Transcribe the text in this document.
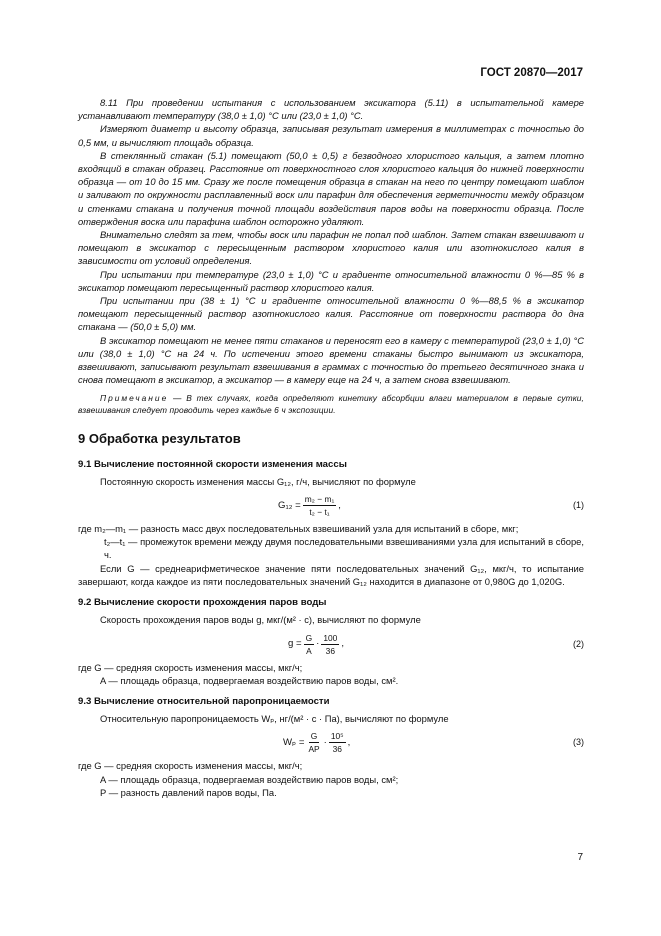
ГОСТ 20870—2017

8.11 При проведении испытания с использованием эксикатора (5.11) в испытательной камере устанавливают температуру (38,0 ± 1,0) °С или (23,0 ± 1,0) °С.

Измеряют диаметр и высоту образца, записывая результат измерения в миллиметрах с точностью до 0,5 мм, и вычисляют площадь образца.

В стеклянный стакан (5.1) помещают (50,0 ± 0,5) г безводного хлористого кальция, а затем плотно входящий в стакан образец. Расстояние от поверхностного слоя хлористого кальция до нижней поверхности образца — от 10 до 15 мм. Сразу же после помещения образца в стакан на него по центру помещают шаблон и заливают по окружности расплавленный воск или парафин для обеспечения герметичности между образцом и стенками стакана и получения точной площади воздействия паров воды на поверхности образца. После отверждения воска или парафина шаблон осторожно удаляют.

Внимательно следят за тем, чтобы воск или парафин не попал под шаблон. Затем стакан взвешивают и помещают в эксикатор с пересыщенным раствором хлористого калия или азотнокислого калия в зависимости от условий определения.

При испытании при температуре (23,0 ± 1,0) °С и градиенте относительной влажности 0 %—85 % в эксикатор помещают пересыщенный раствор хлористого калия.

При испытании при (38 ± 1) °С и градиенте относительной влажности 0 %—88,5 % в эксикатор помещают пересыщенный раствор азотнокислого калия. Расстояние от поверхности раствора до дна стакана — (50,0 ± 5,0) мм.

В эксикатор помещают не менее пяти стаканов и переносят его в камеру с температурой (23,0 ± 1,0) °С или (38,0 ± 1,0) °С на 24 ч. По истечении этого времени стаканы быстро вынимают из эксикатора, взвешивают, записывают результат взвешивания в граммах с точностью до третьего десятичного знака и снова помещают в эксикатор, а эксикатор — в камеру еще на 24 ч, а затем снова взвешивают.

Примечание — В тех случаях, когда определяют кинетику абсорбции влаги материалом в первые сутки, взвешивания следует проводить через каждые 6 ч экспозиции.

9 Обработка результатов
9.1 Вычисление постоянной скорости изменения массы

Постоянную скорость изменения массы G₁₂, г/ч, вычисляют по формуле

$G_{12} = \frac{\text{m₂ − m₁}}{\text{t₂ − t₁}}$ ,	(1)

где m₂—m₁ — разность масс двух последовательных взвешиваний узла для испытаний в сборе, мкг;

t₂—t₁ — промежуток времени между двумя последовательными взвешиваниями узла для испытаний в сборе, ч.

Если G — среднеарифметическое значение пяти последовательных значений G₁₂, мкг/ч, то испытание завершают, когда каждое из пяти последовательных значений G₁₂ находится в диапазоне от 0,980G до 1,020G.

9.2 Вычисление скорости прохождения паров воды

Скорость прохождения паров воды g, мкг/(м² · с), вычисляют по формуле

$g = \frac{G}{A} \cdot \frac{100}{36}$ ,	(2)

где G — средняя скорость изменения массы, мкг/ч;

A — площадь образца, подвергаемая воздействию паров воды, см².

9.3 Вычисление относительной паропроницаемости

Относительную паропроницаемость Wₚ, нг/(м² · с · Па), вычисляют по формуле

$W_p = \frac{G}{AP} \cdot \frac{\text{10⁵}}{36}$ ,	(3)

где G — средняя скорость изменения массы, мкг/ч;

A — площадь образца, подвергаемая воздействию паров воды, см²;

P — разность давлений паров воды, Па.

7
